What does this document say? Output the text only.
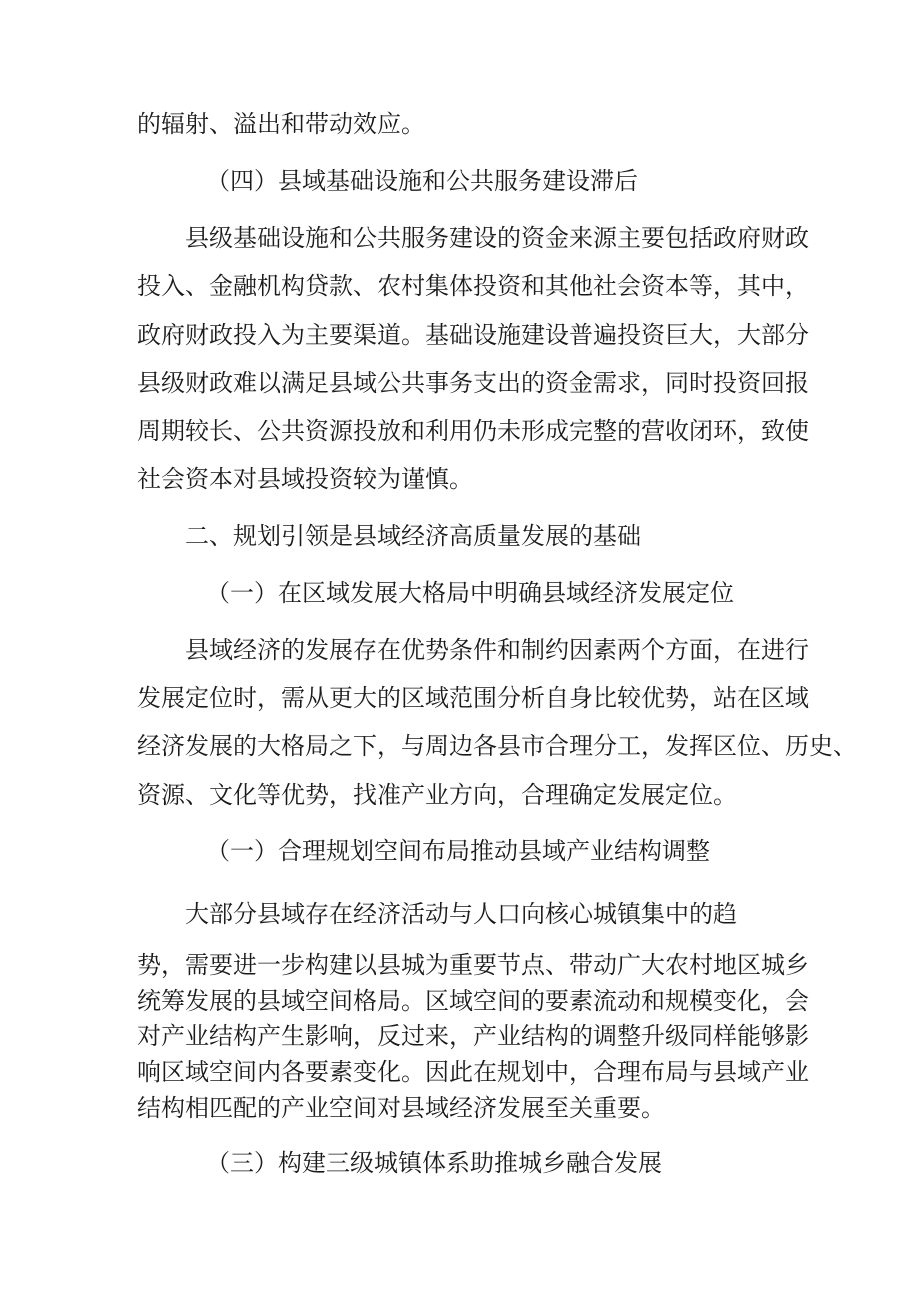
的辐射、溢出和带动效应。

（四）县域基础设施和公共服务建设滞后

县级基础设施和公共服务建设的资金来源主要包括政府财政

投入、金融机构贷款、农村集体投资和其他社会资本等，其中，

政府财政投入为主要渠道。基础设施建设普遍投资巨大，大部分

县级财政难以满足县域公共事务支出的资金需求，同时投资回报

周期较长、公共资源投放和利用仍未形成完整的营收闭环，致使

社会资本对县域投资较为谨慎。

二、规划引领是县域经济高质量发展的基础

（一）在区域发展大格局中明确县域经济发展定位

县域经济的发展存在优势条件和制约因素两个方面，在进行

发展定位时，需从更大的区域范围分析自身比较优势，站在区域

经济发展的大格局之下，与周边各县市合理分工，发挥区位、历史、

资源、文化等优势，找准产业方向，合理确定发展定位。

（一）合理规划空间布局推动县域产业结构调整

大部分县域存在经济活动与人口向核心城镇集中的趋

势，需要进一步构建以县城为重要节点、带动广大农村地区城乡

统筹发展的县域空间格局。区域空间的要素流动和规模变化，会

对产业结构产生影响，反过来，产业结构的调整升级同样能够影

响区域空间内各要素变化。因此在规划中，合理布局与县域产业

结构相匹配的产业空间对县域经济发展至关重要。

（三）构建三级城镇体系助推城乡融合发展
